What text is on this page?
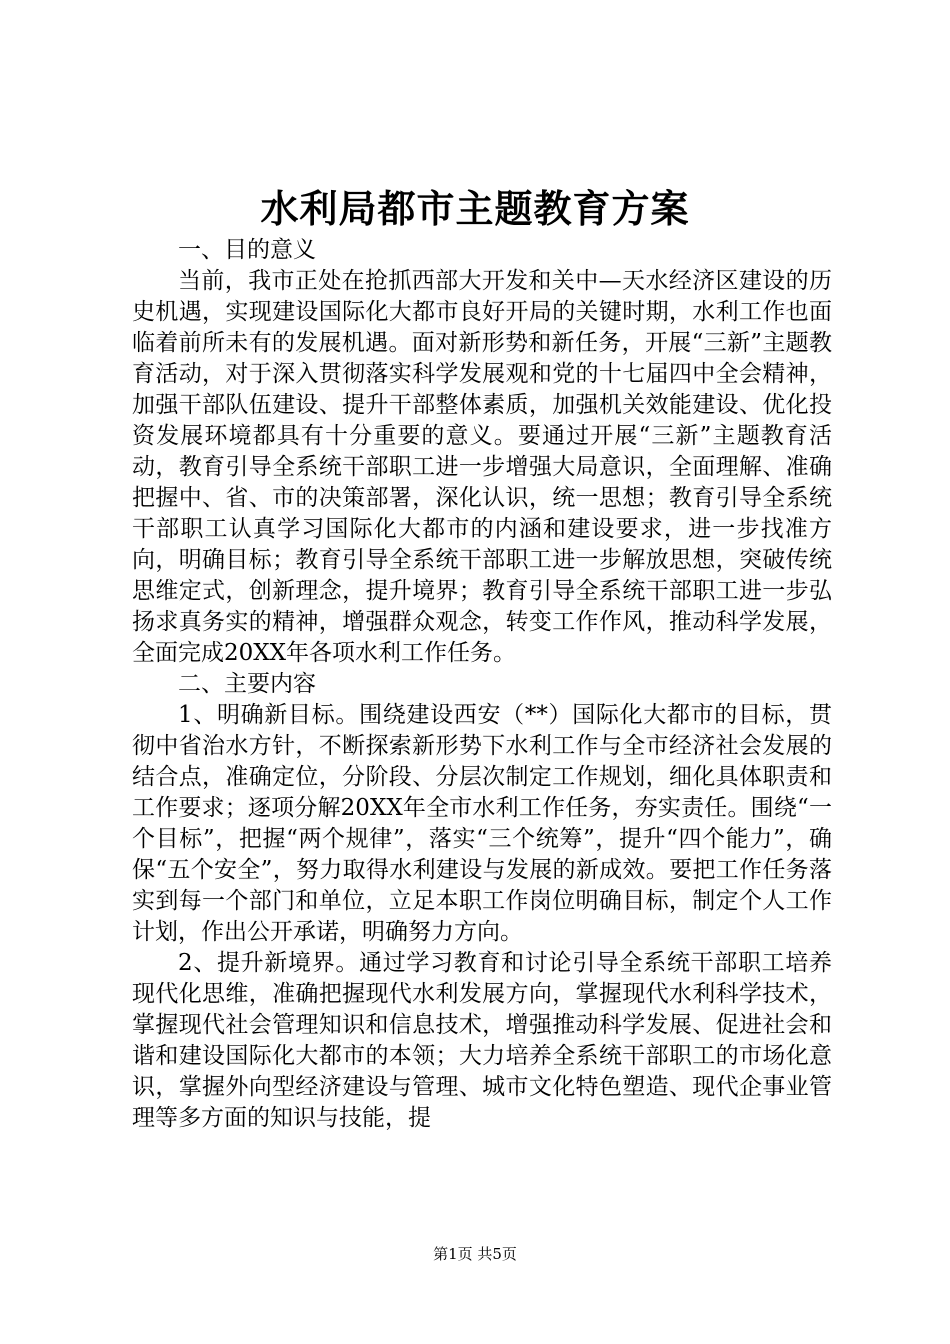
水利局都市主题教育方案

一、目的意义

当前，我市正处在抢抓西部大开发和关中—天水经济区建设的历史机遇，实现建设国际化大都市良好开局的关键时期，水利工作也面临着前所未有的发展机遇。面对新形势和新任务，开展“三新”主题教育活动，对于深入贯彻落实科学发展观和党的十七届四中全会精神，加强干部队伍建设、提升干部整体素质，加强机关效能建设、优化投资发展环境都具有十分重要的意义。要通过开展“三新”主题教育活动，教育引导全系统干部职工进一步增强大局意识，全面理解、准确把握中、省、市的决策部署，深化认识，统一思想；教育引导全系统干部职工认真学习国际化大都市的内涵和建设要求，进一步找准方向，明确目标；教育引导全系统干部职工进一步解放思想，突破传统思维定式，创新理念，提升境界；教育引导全系统干部职工进一步弘扬求真务实的精神，增强群众观念，转变工作作风，推动科学发展，全面完成20XX年各项水利工作任务。

二、主要内容

1、明确新目标。围绕建设西安（**）国际化大都市的目标，贯彻中省治水方针，不断探索新形势下水利工作与全市经济社会发展的结合点，准确定位，分阶段、分层次制定工作规划，细化具体职责和工作要求；逐项分解20XX年全市水利工作任务，夯实责任。围绕“一个目标”，把握“两个规律”，落实“三个统筹”，提升“四个能力”，确保“五个安全”，努力取得水利建设与发展的新成效。要把工作任务落实到每一个部门和单位，立足本职工作岗位明确目标，制定个人工作计划，作出公开承诺，明确努力方向。

2、提升新境界。通过学习教育和讨论引导全系统干部职工培养现代化思维，准确把握现代水利发展方向，掌握现代水利科学技术，掌握现代社会管理知识和信息技术，增强推动科学发展、促进社会和谐和建设国际化大都市的本领；大力培养全系统干部职工的市场化意识，掌握外向型经济建设与管理、城市文化特色塑造、现代企事业管理等多方面的知识与技能，提

第1页 共5页
